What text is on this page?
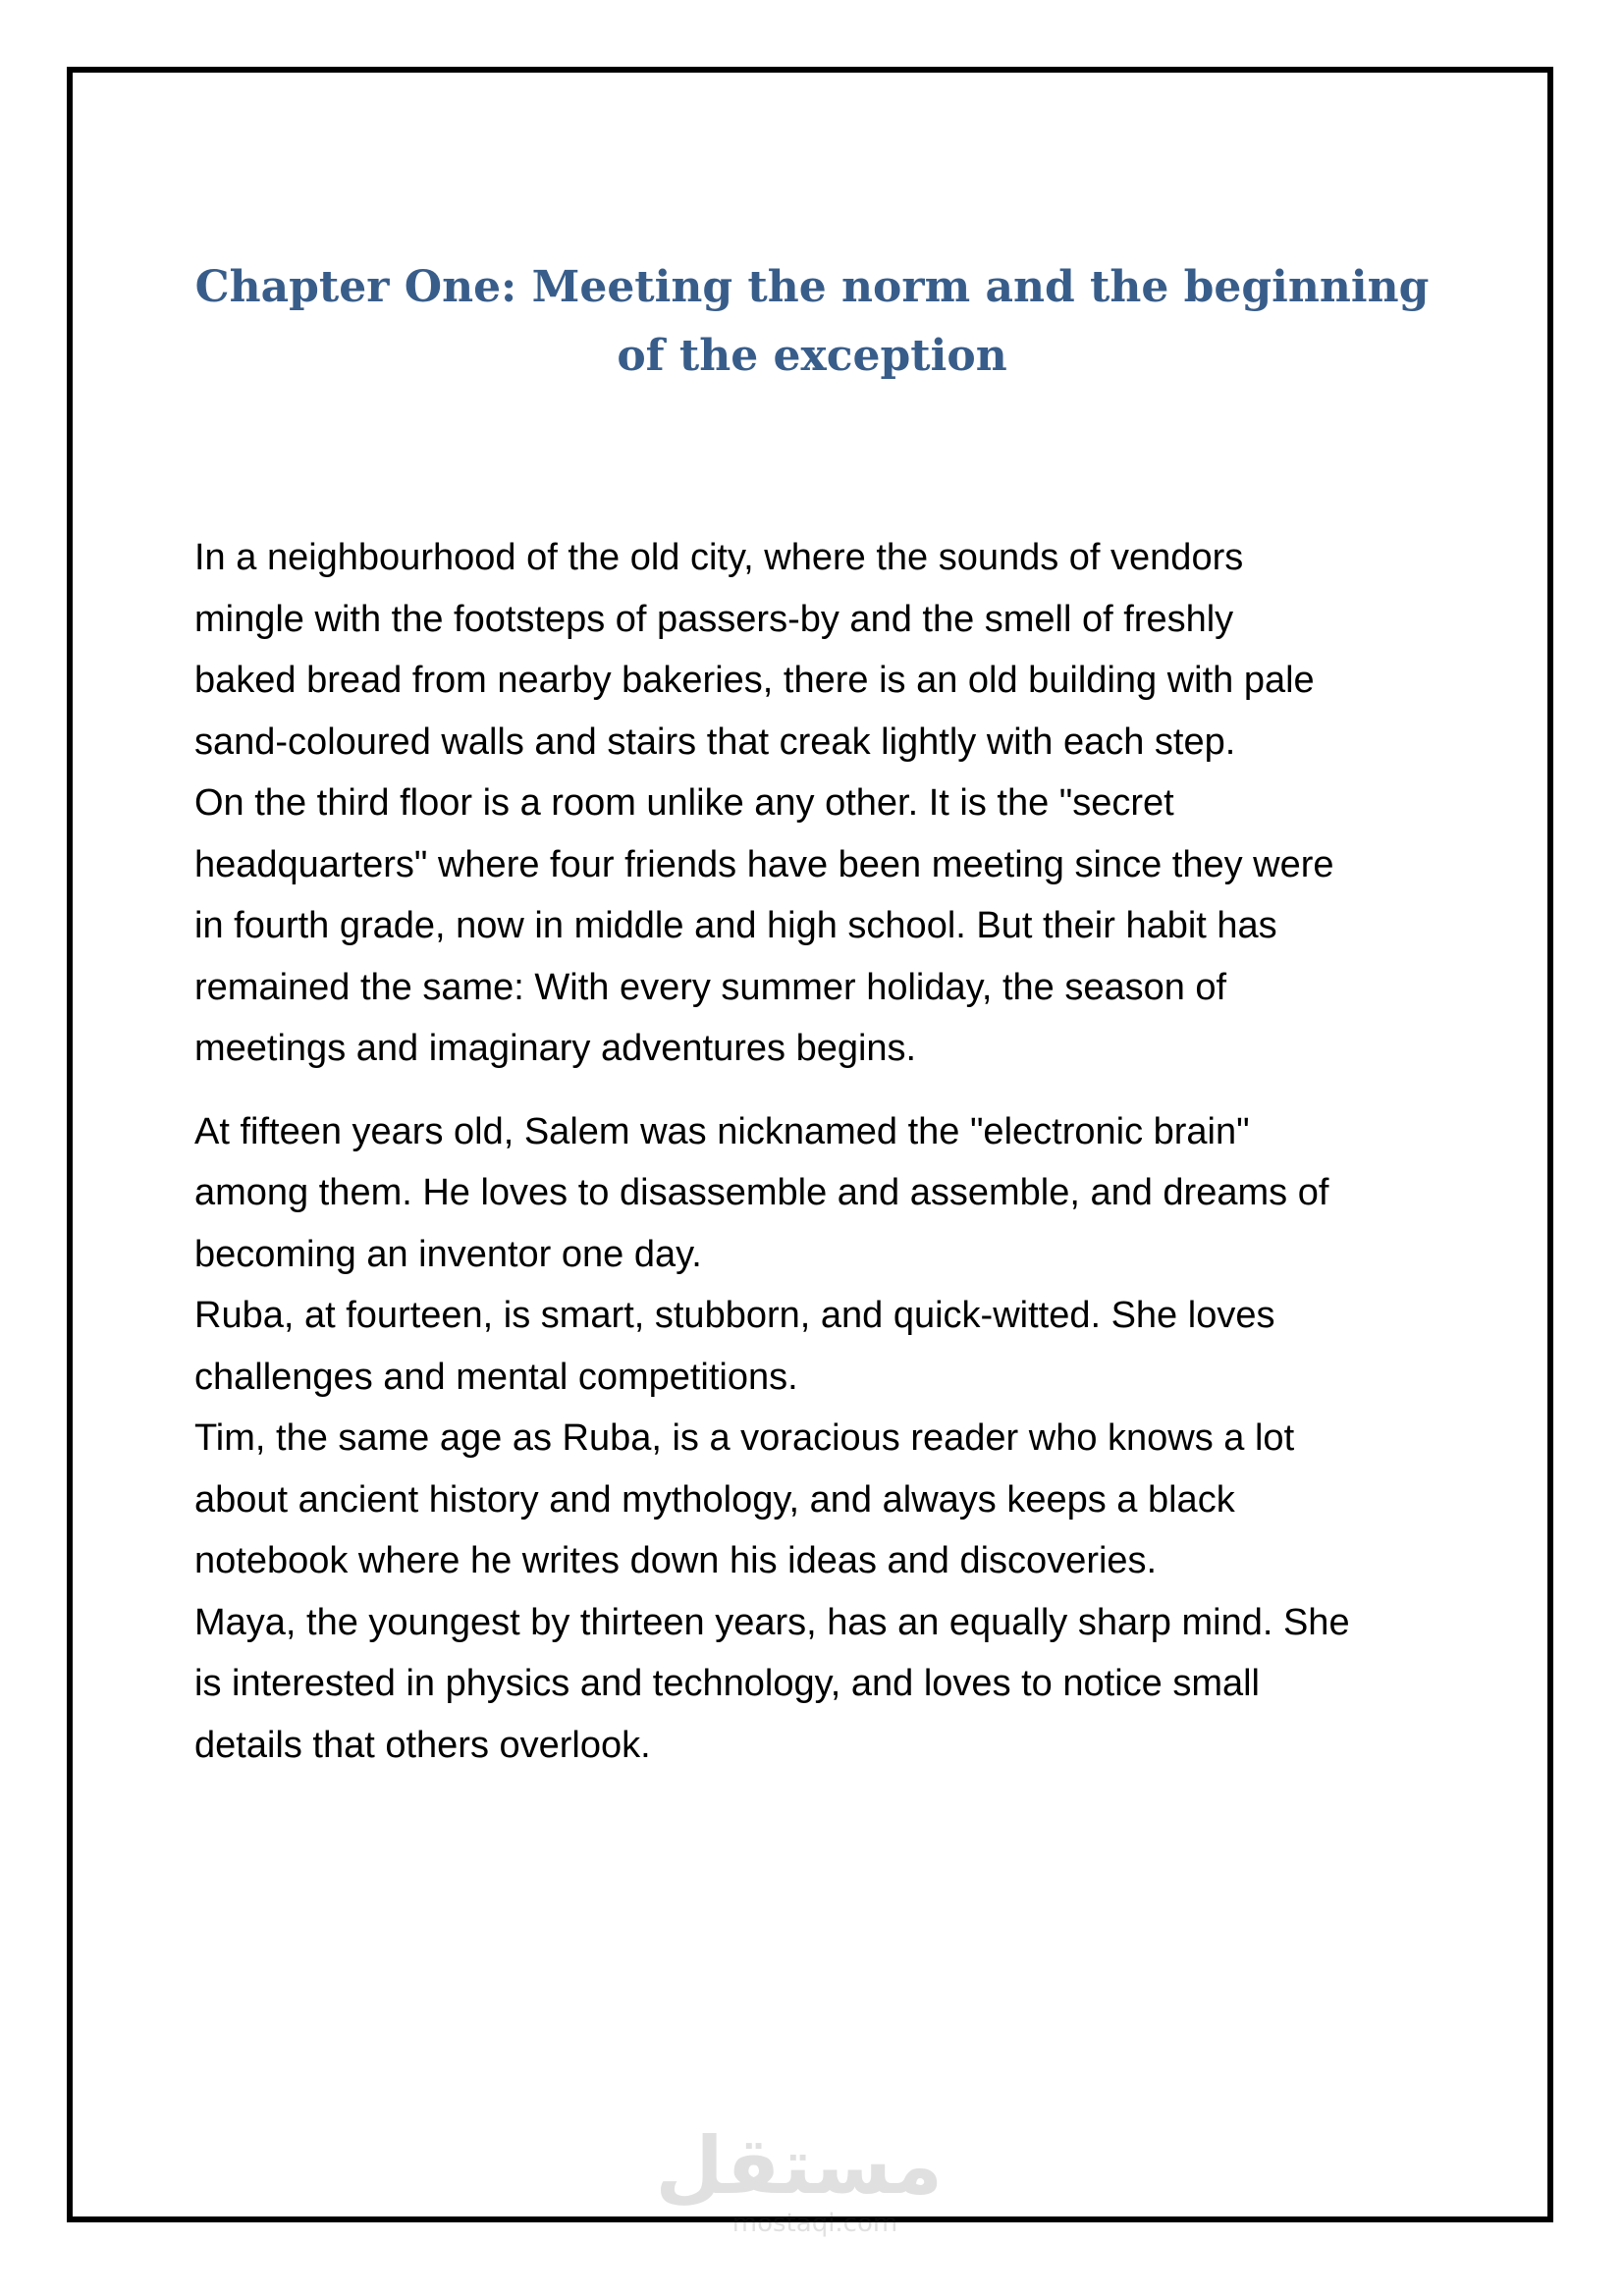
Chapter One: Meeting the norm and the beginning of the exception

In a neighbourhood of the old city, where the sounds of vendors
mingle with the footsteps of passers-by and the smell of freshly
baked bread from nearby bakeries, there is an old building with pale
sand-coloured walls and stairs that creak lightly with each step.
On the third floor is a room unlike any other. It is the "secret
headquarters" where four friends have been meeting since they were
in fourth grade, now in middle and high school. But their habit has
remained the same: With every summer holiday, the season of
meetings and imaginary adventures begins.

At fifteen years old, Salem was nicknamed the "electronic brain"
among them. He loves to disassemble and assemble, and dreams of
becoming an inventor one day.
Ruba, at fourteen, is smart, stubborn, and quick-witted. She loves
challenges and mental competitions.
Tim, the same age as Ruba, is a voracious reader who knows a lot
about ancient history and mythology, and always keeps a black
notebook where he writes down his ideas and discoveries.
Maya, the youngest by thirteen years, has an equally sharp mind. She
is interested in physics and technology, and loves to notice small
details that others overlook.

مستقل
mostaql.com
